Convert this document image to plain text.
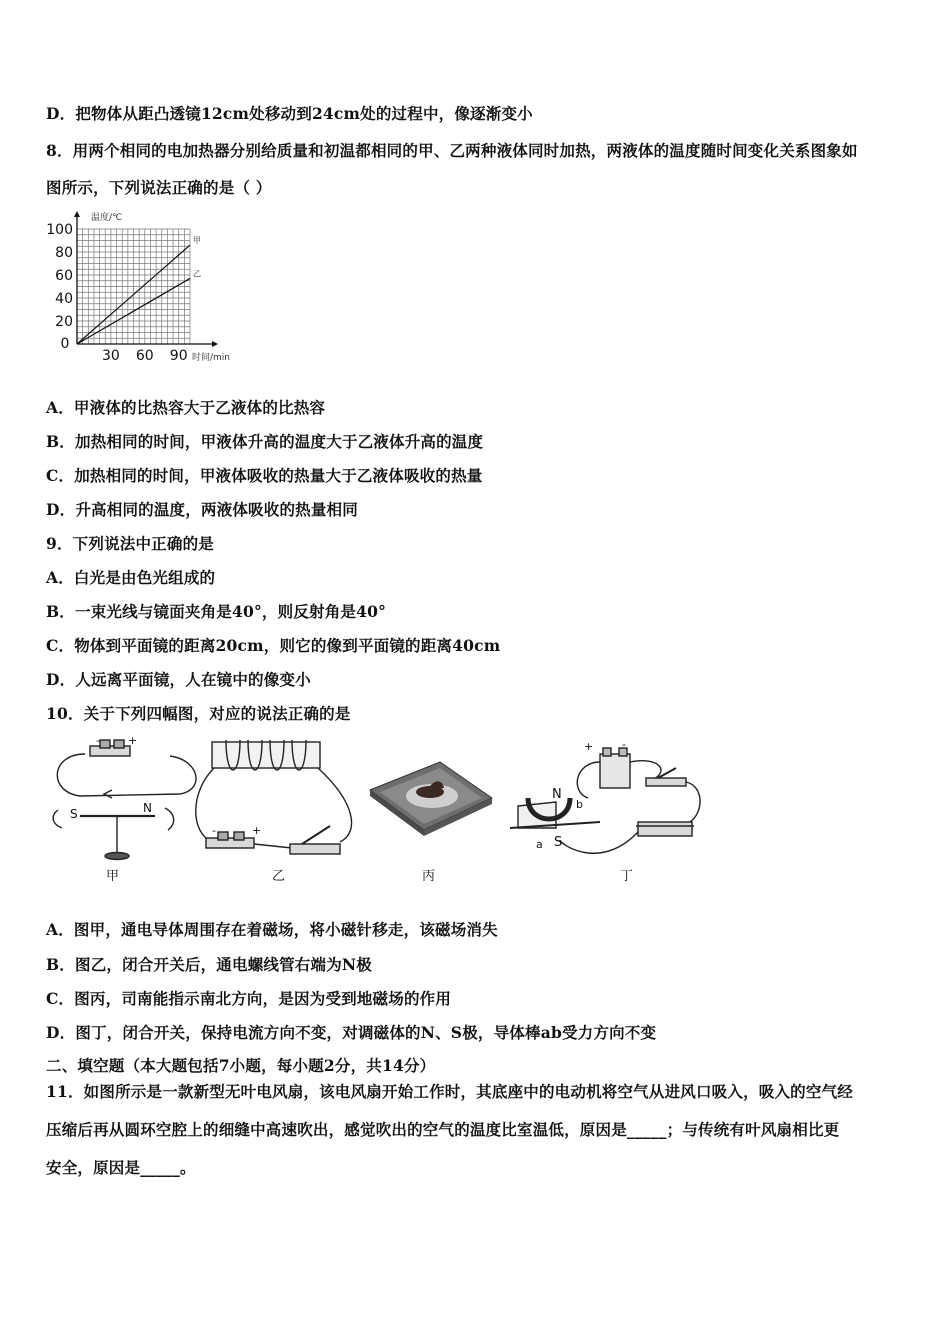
D．把物体从距凸透镜12cm处移动到24cm处的过程中，像逐渐变小
8．用两个相同的电加热器分别给质量和初温都相同的甲、乙两种液体同时加热，两液体的温度随时间变化关系图象如
图所示，下列说法正确的是（ ）
20
40
60
80
100
30 60 90
0
温度/℃
时间/min
甲
乙
A．甲液体的比热容大于乙液体的比热容
B．加热相同的时间，甲液体升高的温度大于乙液体升高的温度
C．加热相同的时间，甲液体吸收的热量大于乙液体吸收的热量
D．升高相同的温度，两液体吸收的热量相同
9．下列说法中正确的是
A．白光是由色光组成的
B．一束光线与镜面夹角是40°，则反射角是40°
C．物体到平面镜的距离20cm，则它的像到平面镜的距离40cm
D．人远离平面镜，人在镜中的像变小
10．关于下列四幅图，对应的说法正确的是
S	N
-	+
甲
-	+
乙	丙
N
S
a
b
+	-
丁
A．图甲，通电导体周围存在着磁场，将小磁针移走，该磁场消失
B．图乙，闭合开关后，通电螺线管右端为N极
C．图丙，司南能指示南北方向，是因为受到地磁场的作用
D．图丁，闭合开关，保持电流方向不变，对调磁体的N、S极，导体棒ab受力方向不变
二、填空题（本大题包括7小题，每小题2分，共14分）
11．如图所示是一款新型无叶电风扇，该电风扇开始工作时，其底座中的电动机将空气从进风口吸入，吸入的空气经
压缩后再从圆环空腔上的细缝中高速吹出，感觉吹出的空气的温度比室温低，原因是_____；与传统有叶风扇相比更
安全，原因是_____。
